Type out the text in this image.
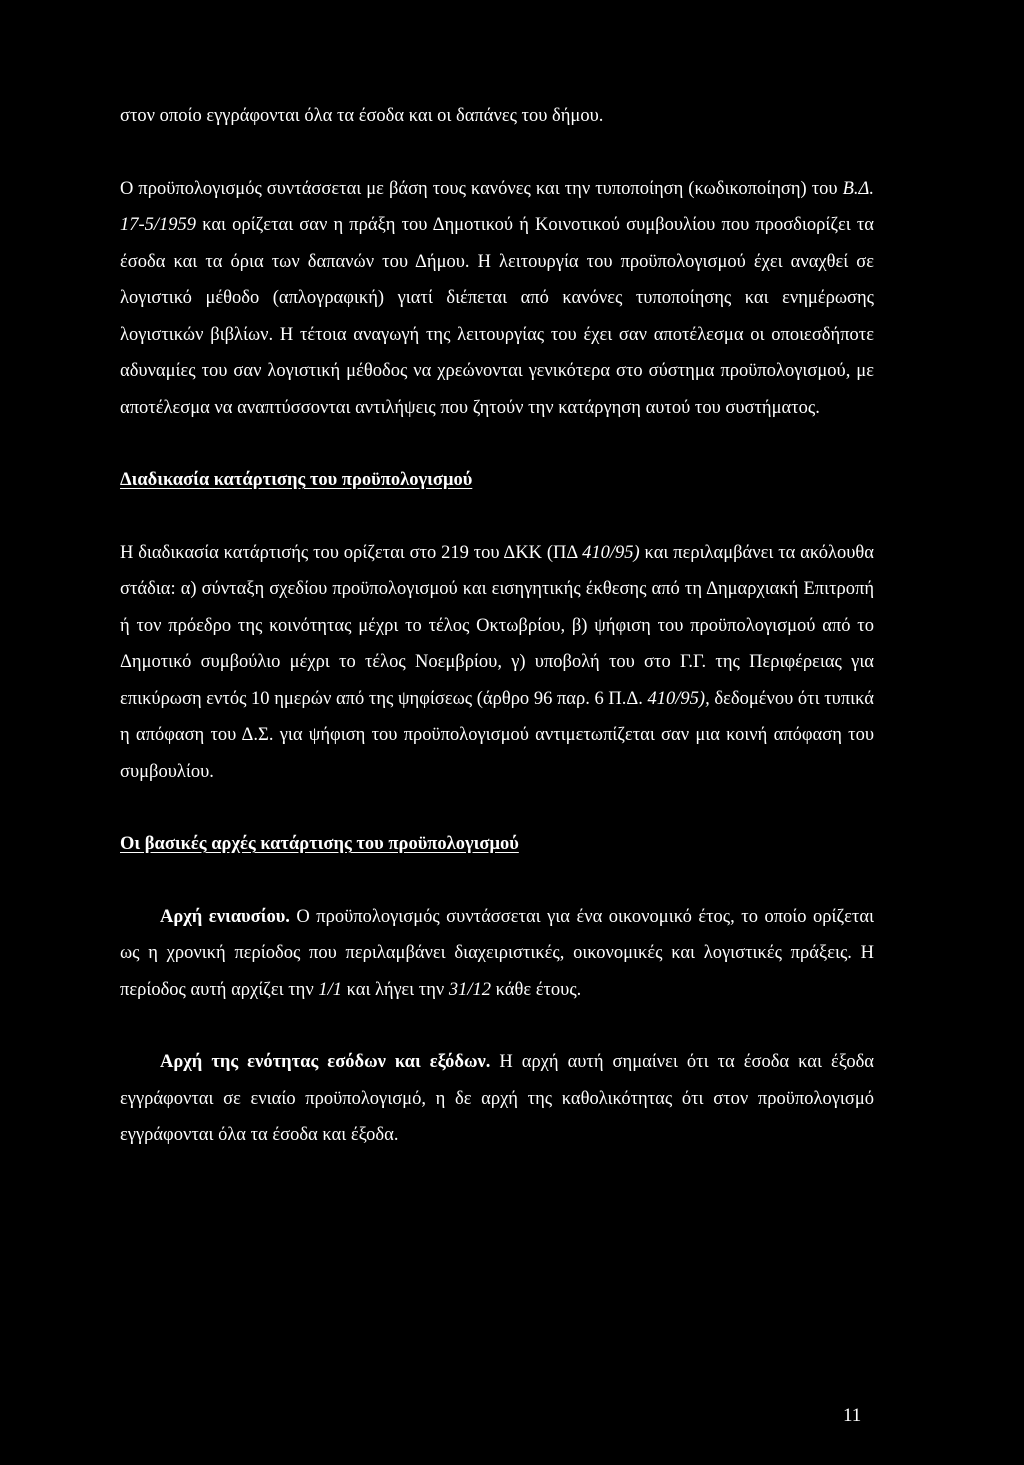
στον οποίο εγγράφονται όλα τα έσοδα και οι δαπάνες του δήμου.

Ο προϋπολογισμός συντάσσεται με βάση τους κανόνες και την τυποποίηση (κωδικοποίηση) του Β.Δ. 17-5/1959 και ορίζεται σαν η πράξη του Δημοτικού ή Κοινοτικού συμβουλίου που προσδιορίζει τα έσοδα και τα όρια των δαπανών του Δήμου. Η λειτουργία του προϋπολογισμού έχει αναχθεί σε λογιστικό μέθοδο (απλογραφική) γιατί διέπεται από κανόνες τυποποίησης και ενημέρωσης λογιστικών βιβλίων. Η τέτοια αναγωγή της λειτουργίας του έχει σαν αποτέλεσμα οι οποιεσδήποτε αδυναμίες του σαν λογιστική μέθοδος να χρεώνονται γενικότερα στο σύστημα προϋπολογισμού, με αποτέλεσμα να αναπτύσσονται αντιλήψεις που ζητούν την κατάργηση αυτού του συστήματος.

Διαδικασία κατάρτισης του προϋπολογισμού

Η διαδικασία κατάρτισής του ορίζεται στο 219 του ΔΚΚ (ΠΔ 410/95) και περιλαμβάνει τα ακόλουθα στάδια: α) σύνταξη σχεδίου προϋπολογισμού και εισηγητικής έκθεσης από τη Δημαρχιακή Επιτροπή ή τον πρόεδρο της κοινότητας μέχρι το τέλος Οκτωβρίου, β) ψήφιση του προϋπολογισμού από το Δημοτικό συμβούλιο μέχρι το τέλος Νοεμβρίου, γ) υποβολή του στο Γ.Γ. της Περιφέρειας για επικύρωση εντός 10 ημερών από της ψηφίσεως (άρθρο 96 παρ. 6 Π.Δ. 410/95), δεδομένου ότι τυπικά η απόφαση του Δ.Σ. για ψήφιση του προϋπολογισμού αντιμετωπίζεται σαν μια κοινή απόφαση του συμβουλίου.

Οι βασικές αρχές κατάρτισης του προϋπολογισμού

Αρχή ενιαυσίου. Ο προϋπολογισμός συντάσσεται για ένα οικονομικό έτος, το οποίο ορίζεται ως η χρονική περίοδος που περιλαμβάνει διαχειριστικές, οικονομικές και λογιστικές πράξεις. Η περίοδος αυτή αρχίζει την 1/1 και λήγει την 31/12 κάθε έτους.

Αρχή της ενότητας εσόδων και εξόδων. Η αρχή αυτή σημαίνει ότι τα έσοδα και έξοδα εγγράφονται σε ενιαίο προϋπολογισμό, η δε αρχή της καθολικότητας ότι στον προϋπολογισμό εγγράφονται όλα τα έσοδα και έξοδα.

11
